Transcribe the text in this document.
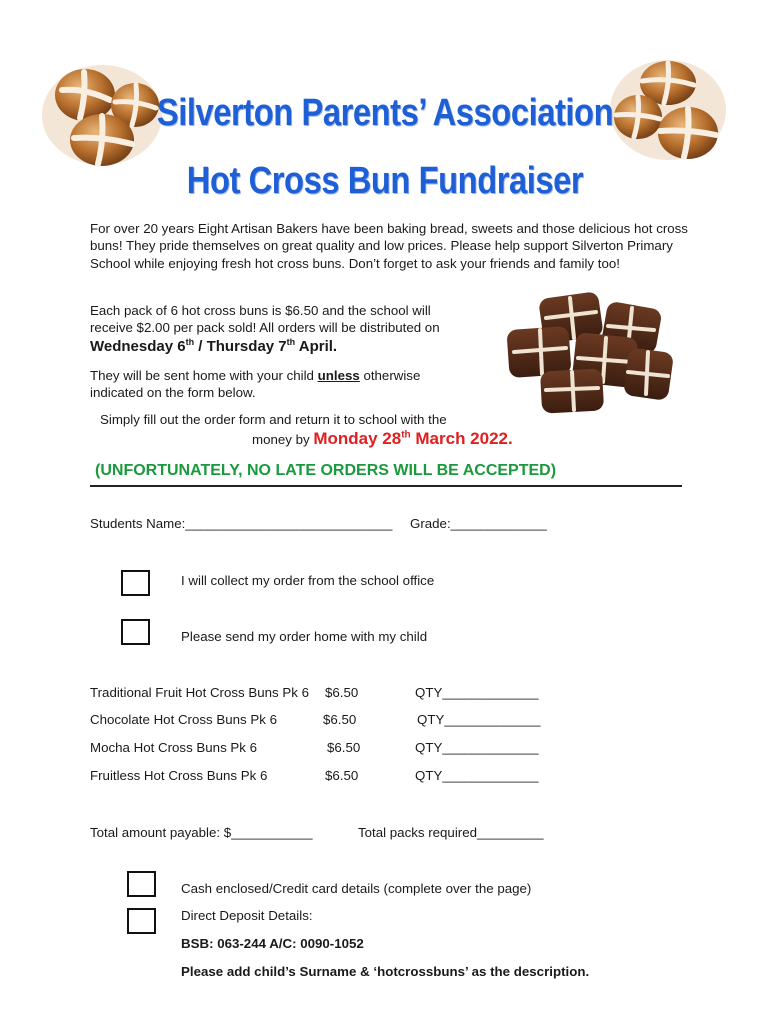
Silverton Parents’ Association
Hot Cross Bun Fundraiser
For over 20 years Eight Artisan Bakers have been baking bread, sweets and those delicious hot cross buns! They pride themselves on great quality and low prices. Please help support Silverton Primary School while enjoying fresh hot cross buns. Don’t forget to ask your friends and family too!
Each pack of 6 hot cross buns is $6.50 and the school will receive $2.00 per pack sold! All orders will be distributed on
Wednesday 6th / Thursday 7th April.
They will be sent home with your child unless otherwise indicated on the form below.
Simply fill out the order form and return it to school with the
money by Monday 28th March 2022.
(UNFORTUNATELY, NO LATE ORDERS WILL BE ACCEPTED)
Students Name:____________________________ Grade:_____________
I will collect my order from the school office
Please send my order home with my child
Traditional Fruit Hot Cross Buns Pk 6 $6.50	QTY_____________
Chocolate Hot Cross Buns Pk 6	$6.50	QTY_____________
Mocha Hot Cross Buns Pk 6	$6.50	QTY_____________
Fruitless Hot Cross Buns Pk 6	$6.50	QTY_____________
Total amount payable: $___________	Total packs required_________
Cash enclosed/Credit card details (complete over the page)
Direct Deposit Details:
BSB: 063-244 A/C: 0090-1052
Please add child’s Surname & ‘hotcrossbuns’ as the description.
